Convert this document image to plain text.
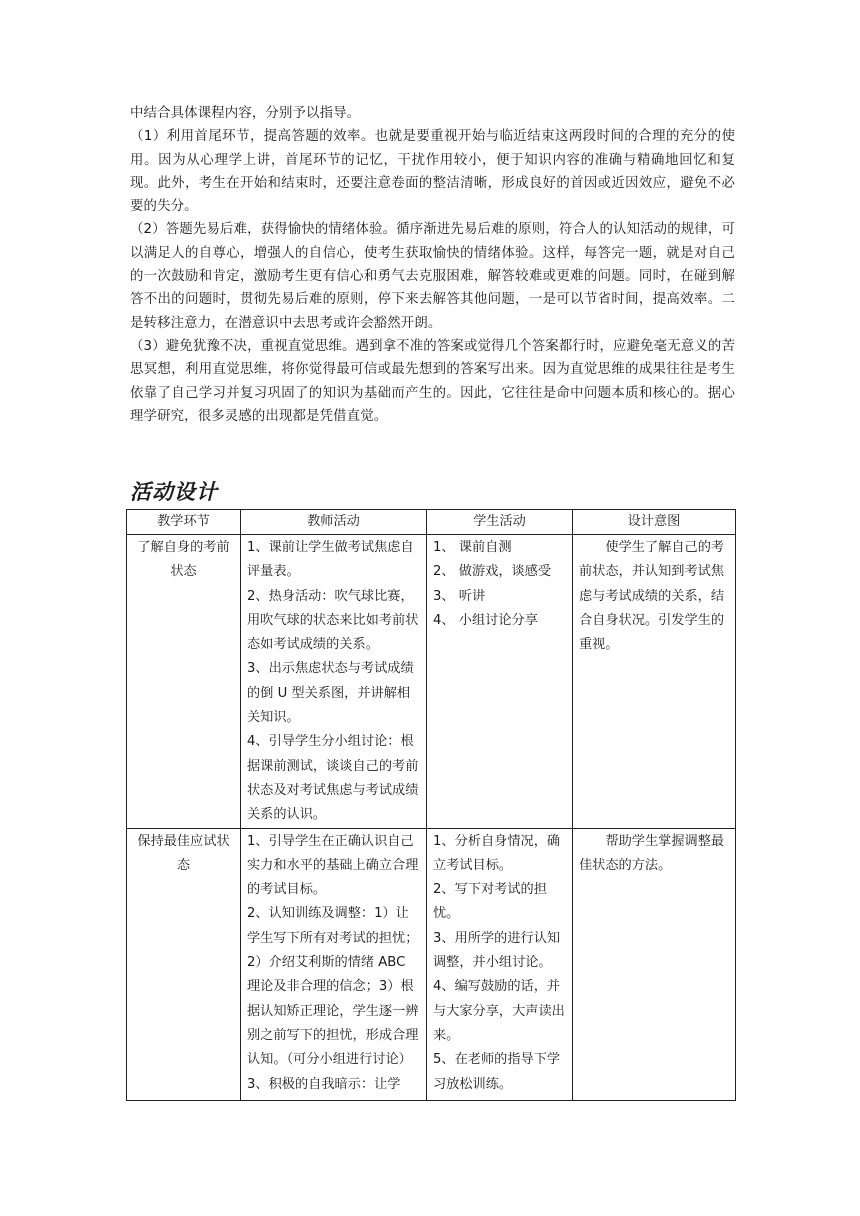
中结合具体课程内容，分别予以指导。

（1）利用首尾环节，提高答题的效率。也就是要重视开始与临近结束这两段时间的合理的充分的使用。因为从心理学上讲，首尾环节的记忆，干扰作用较小，便于知识内容的准确与精确地回忆和复现。此外，考生在开始和结束时，还要注意卷面的整洁清晰，形成良好的首因或近因效应，避免不必要的失分。

（2）答题先易后难，获得愉快的情绪体验。循序渐进先易后难的原则，符合人的认知活动的规律，可以满足人的自尊心，增强人的自信心，使考生获取愉快的情绪体验。这样，每答完一题，就是对自己的一次鼓励和肯定，激励考生更有信心和勇气去克服困难，解答较难或更难的问题。同时，在碰到解答不出的问题时，贯彻先易后难的原则，停下来去解答其他问题，一是可以节省时间，提高效率。二是转移注意力，在潜意识中去思考或许会豁然开朗。

（3）避免犹豫不决，重视直觉思维。遇到拿不准的答案或觉得几个答案都行时，应避免毫无意义的苦思冥想，利用直觉思维，将你觉得最可信或最先想到的答案写出来。因为直觉思维的成果往往是考生依靠了自己学习并复习巩固了的知识为基础而产生的。因此，它往往是命中问题本质和核心的。据心理学研究，很多灵感的出现都是凭借直觉。

活动设计
教学环节	教师活动	学生活动	设计意图
了解自身的考前状态	1、课前让学生做考试焦虑自评量表。
2、热身活动：吹气球比赛，用吹气球的状态来比如考前状态如考试成绩的关系。
3、出示焦虑状态与考试成绩的倒 U 型关系图，并讲解相关知识。
4、引导学生分小组讨论：根据课前测试，谈谈自己的考前状态及对考试焦虑与考试成绩关系的认识。	1、 课前自测
2、 做游戏，谈感受
3、 听讲
4、 小组讨论分享	使学生了解自己的考前状态，并认知到考试焦虑与考试成绩的关系，结合自身状况。引发学生的重视。
保持最佳应试状态	1、引导学生在正确认识自己实力和水平的基础上确立合理的考试目标。
2、认知训练及调整：1）让学生写下所有对考试的担忧；2）介绍艾利斯的情绪 ABC 理论及非合理的信念；3）根据认知矫正理论，学生逐一辨别之前写下的担忧，形成合理认知。（可分小组进行讨论）
3、积极的自我暗示：让学	1、分析自身情况，确立考试目标。
2、写下对考试的担忧。
3、用所学的进行认知调整，并小组讨论。
4、编写鼓励的话，并与大家分享，大声读出来。
5、在老师的指导下学习放松训练。	帮助学生掌握调整最佳状态的方法。
